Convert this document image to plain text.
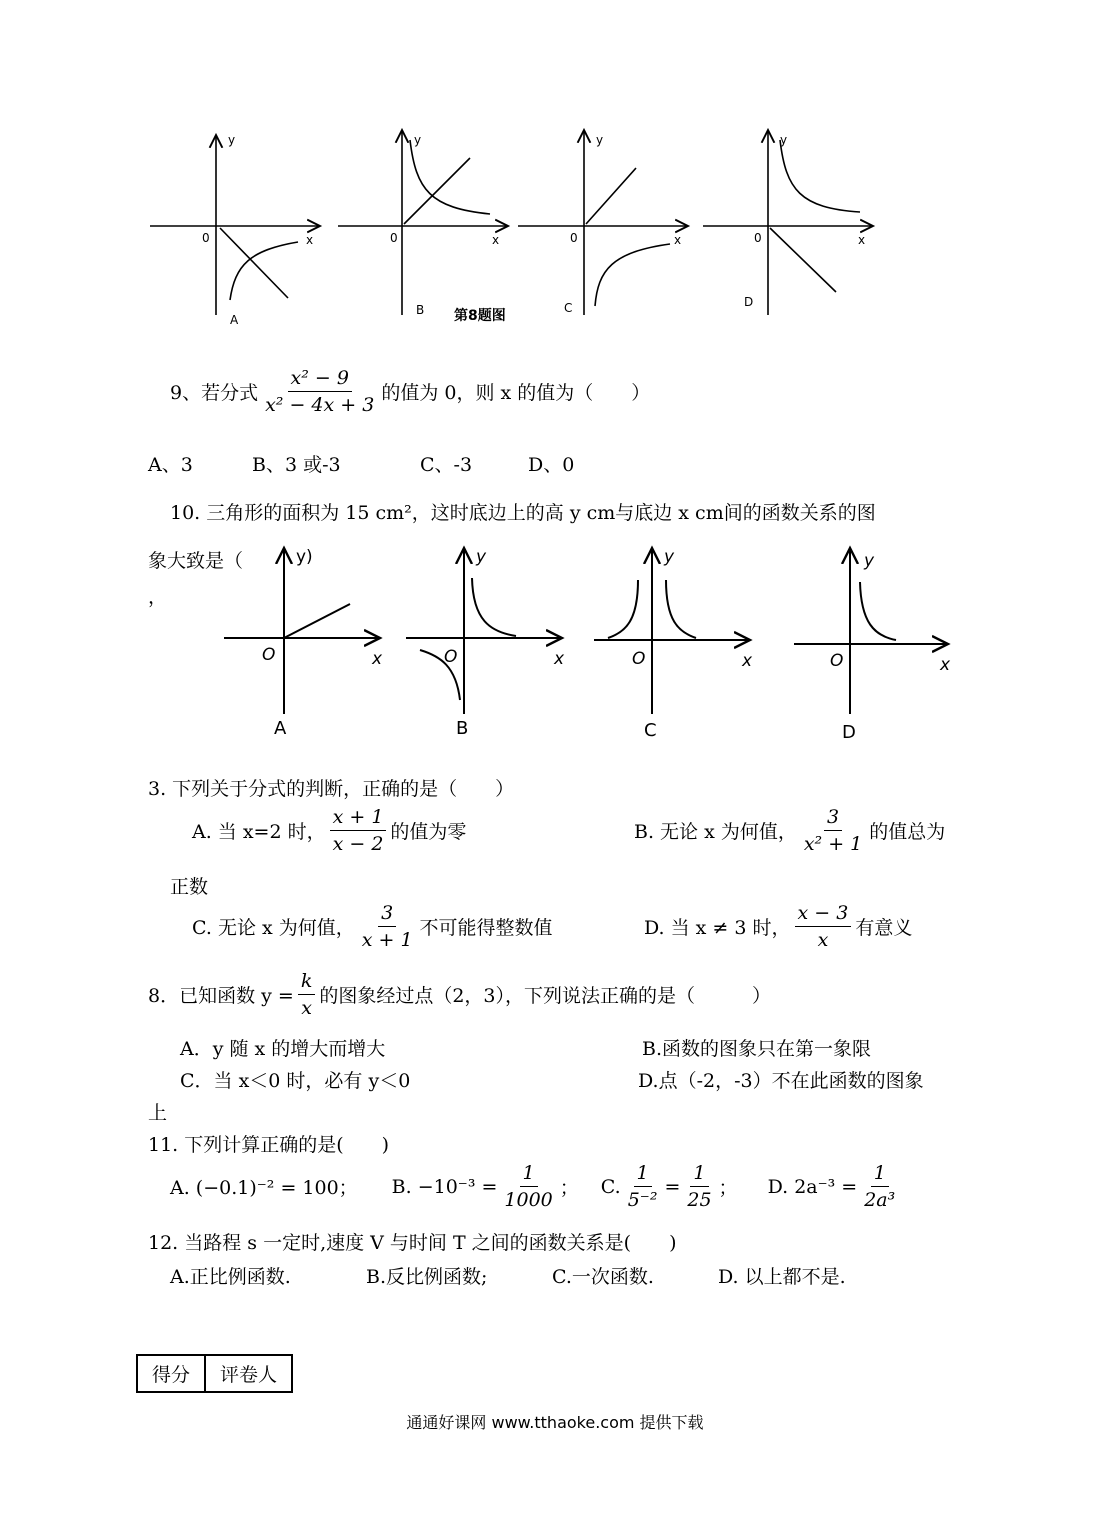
y
x
0
y
x
0
y
x
0
y
x
0
A
B	C	D
第8题图
9、若分式 $\frac{\text{x² − 9}}{\text{x² − 4x + 3}}$ 的值为 0，则 x 的值为（　　）
A、3	B、3 或-3	C、-3	D、0
10. 三角形的面积为 15 cm²，这时底边上的高 y cm与底边 x cm间的函数关系的图
象大致是（
，
y)
x
O
y
x
O
y
x
O
y
x
O
A	B	C	D
3. 下列关于分式的判断，正确的是（　　）
A. 当 x=2 时， $\frac{x + 1}{x - 2}$ 的值为零	B. 无论 x 为何值， $\frac{3}{\text{x² + 1}}$ 的值总为
正数
C. 无论 x 为何值， $\frac{3}{x + 1}$ 不可能得整数值	D. 当 x ≠ 3 时， $\frac{x - 3}{x}$ 有意义
8．已知函数 $y = \frac{k}{x}$ 的图象经过点（2，3），下列说法正确的是（　　　）
A．y 随 x 的增大而增大	B.函数的图象只在第一象限
C．当 x＜0 时，必有 y＜0	D.点（-2，-3）不在此函数的图象
上
11. 下列计算正确的是(　　)
A. (−0.1)⁻² = 100； B. $-10^{-3} = \frac{1}{1000}$ ； C. $\frac{1}{\text{5⁻²}} = \frac{1}{25}$ ； D. $2a^{-3} = \frac{1}{\text{2a³}}$
12. 当路程 s 一定时,速度 V 与时间 T 之间的函数关系是(　　)
A.正比例函数.	B.反比例函数;	C.一次函数.	D. 以上都不是.
得分	评卷人
通通好课网 www.tthaoke.com 提供下载
